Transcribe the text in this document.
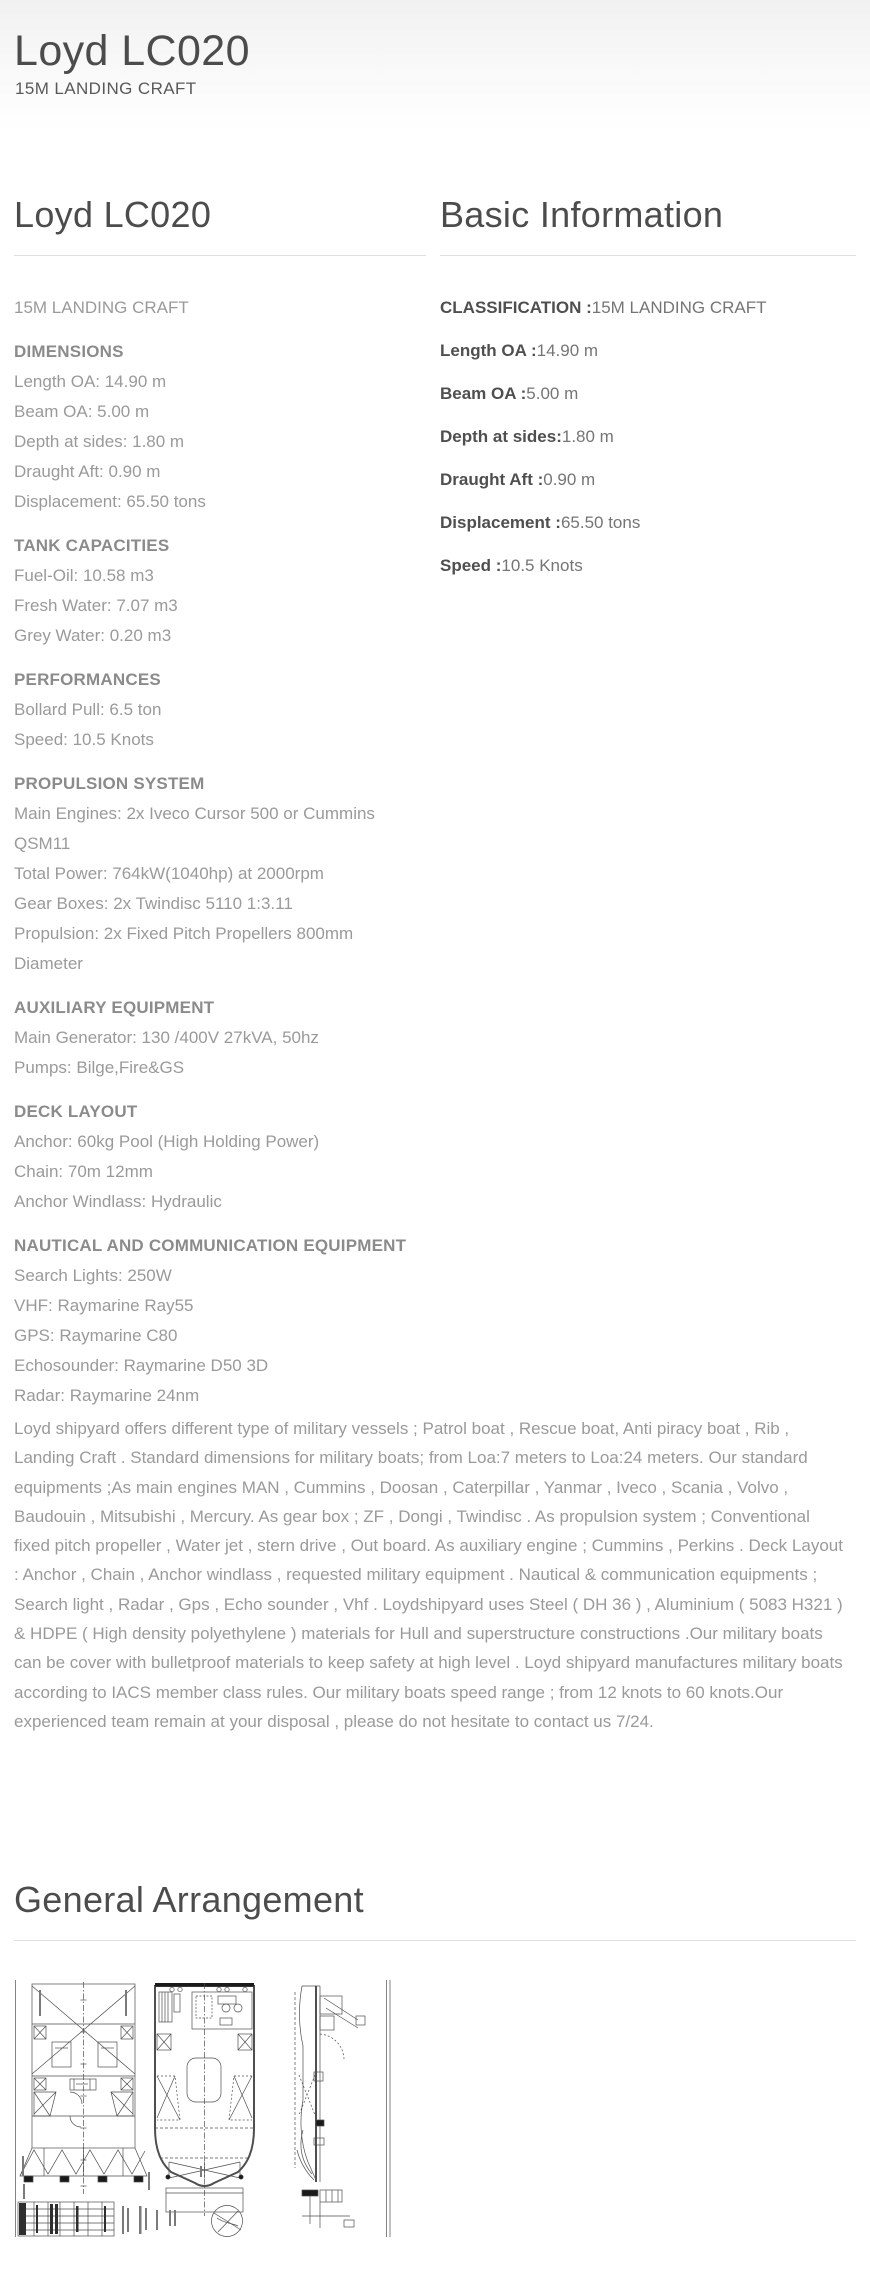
Loyd LC020
15M LANDING CRAFT
Loyd LC020
15M LANDING CRAFT
DIMENSIONS
Length OA: 14.90 m
Beam OA: 5.00 m
Depth at sides: 1.80 m
Draught Aft: 0.90 m
Displacement: 65.50 tons
TANK CAPACITIES
Fuel-Oil: 10.58 m3
Fresh Water: 7.07 m3
Grey Water: 0.20 m3
PERFORMANCES
Bollard Pull: 6.5 ton
Speed: 10.5 Knots
PROPULSION SYSTEM
Main Engines: 2x Iveco Cursor 500 or Cummins QSM11
Total Power: 764kW(1040hp) at 2000rpm
Gear Boxes: 2x Twindisc 5110 1:3.11
Propulsion: 2x Fixed Pitch Propellers 800mm Diameter
AUXILIARY EQUIPMENT
Main Generator: 130 /400V 27kVA, 50hz
Pumps: Bilge,Fire&GS
DECK LAYOUT
Anchor: 60kg Pool (High Holding Power)
Chain: 70m 12mm
Anchor Windlass: Hydraulic
NAUTICAL AND COMMUNICATION EQUIPMENT
Search Lights: 250W
VHF: Raymarine Ray55
GPS: Raymarine C80
Echosounder: Raymarine D50 3D
Radar: Raymarine 24nm
Basic Information
CLASSIFICATION :15M LANDING CRAFT
Length OA :14.90 m
Beam OA :5.00 m
Depth at sides:1.80 m
Draught Aft :0.90 m
Displacement :65.50 tons
Speed :10.5 Knots

Loyd shipyard offers different type of military vessels ; Patrol boat , Rescue boat, Anti piracy boat , Rib , Landing Craft . Standard dimensions for military boats; from Loa:7 meters to Loa:24 meters. Our standard equipments ;As main engines MAN , Cummins , Doosan , Caterpillar , Yanmar , Iveco , Scania , Volvo , Baudouin , Mitsubishi , Mercury. As gear box ; ZF , Dongi , Twindisc . As propulsion system ; Conventional fixed pitch propeller , Water jet , stern drive , Out board. As auxiliary engine ; Cummins , Perkins . Deck Layout : Anchor , Chain , Anchor windlass , requested military equipment . Nautical & communication equipments ; Search light , Radar , Gps , Echo sounder , Vhf . Loydshipyard uses Steel ( DH 36 ) , Aluminium ( 5083 H321 ) & HDPE ( High density polyethylene ) materials for Hull and superstructure constructions .Our military boats can be cover with bulletproof materials to keep safety at high level . Loyd shipyard manufactures military boats according to IACS member class rules. Our military boats speed range ; from 12 knots to 60 knots.Our experienced team remain at your disposal , please do not hesitate to contact us 7/24.

General Arrangement
